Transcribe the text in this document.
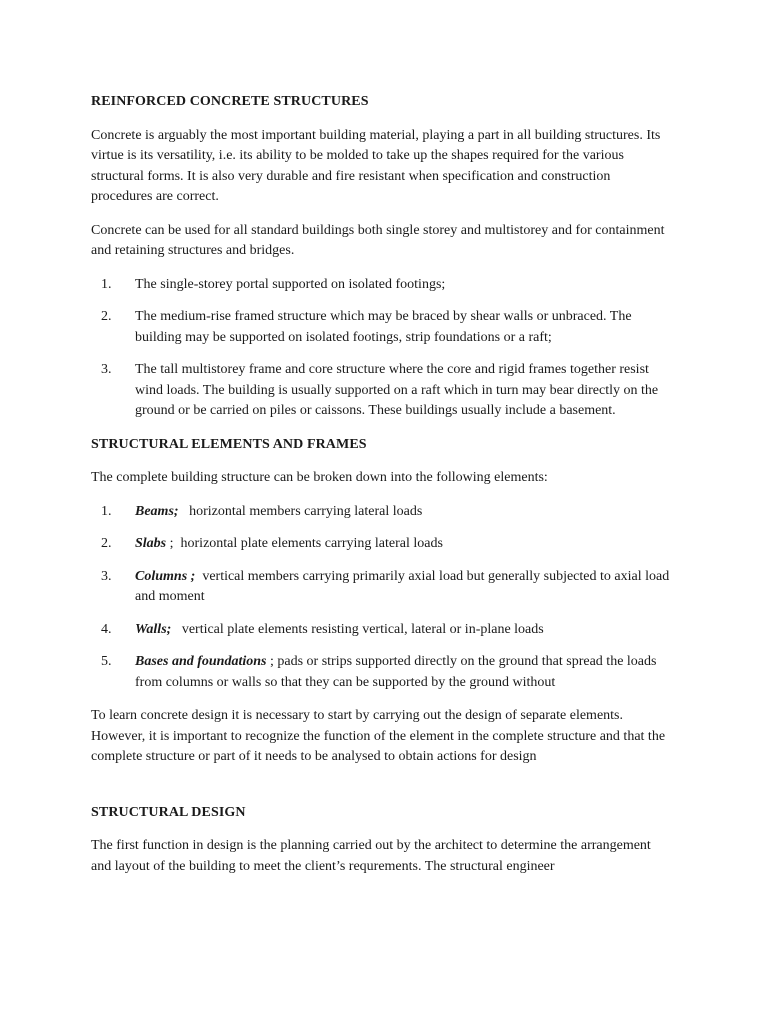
REINFORCED CONCRETE STRUCTURES

Concrete is arguably the most important building material, playing a part in all building structures. Its virtue is its versatility, i.e. its ability to be molded to take up the shapes required for the various structural forms. It is also very durable and fire resistant when specification and construction procedures are correct.

Concrete can be used for all standard buildings both single storey and multistorey and for containment and retaining structures and bridges.

1. The single-storey portal supported on isolated footings;
2. The medium-rise framed structure which may be braced by shear walls or unbraced. The building may be supported on isolated footings, strip foundations or a raft;
3. The tall multistorey frame and core structure where the core and rigid frames together resist wind loads. The building is usually supported on a raft which in turn may bear directly on the ground or be carried on piles or caissons. These buildings usually include a basement.

STRUCTURAL ELEMENTS AND FRAMES

The complete building structure can be broken down into the following elements:

1. Beams;   horizontal members carrying lateral loads
2. Slabs ;  horizontal plate elements carrying lateral loads
3. Columns ;  vertical members carrying primarily axial load but generally subjected to axial load and moment
4. Walls;   vertical plate elements resisting vertical, lateral or in-plane loads
5. Bases and foundations ; pads or strips supported directly on the ground that spread the loads from columns or walls so that they can be supported by the ground without

To learn concrete design it is necessary to start by carrying out the design of separate elements. However, it is important to recognize the function of the element in the complete structure and that the complete structure or part of it needs to be analysed to obtain actions for design

STRUCTURAL DESIGN

The first function in design is the planning carried out by the architect to determine the arrangement and layout of the building to meet the client’s requrements. The structural engineer
